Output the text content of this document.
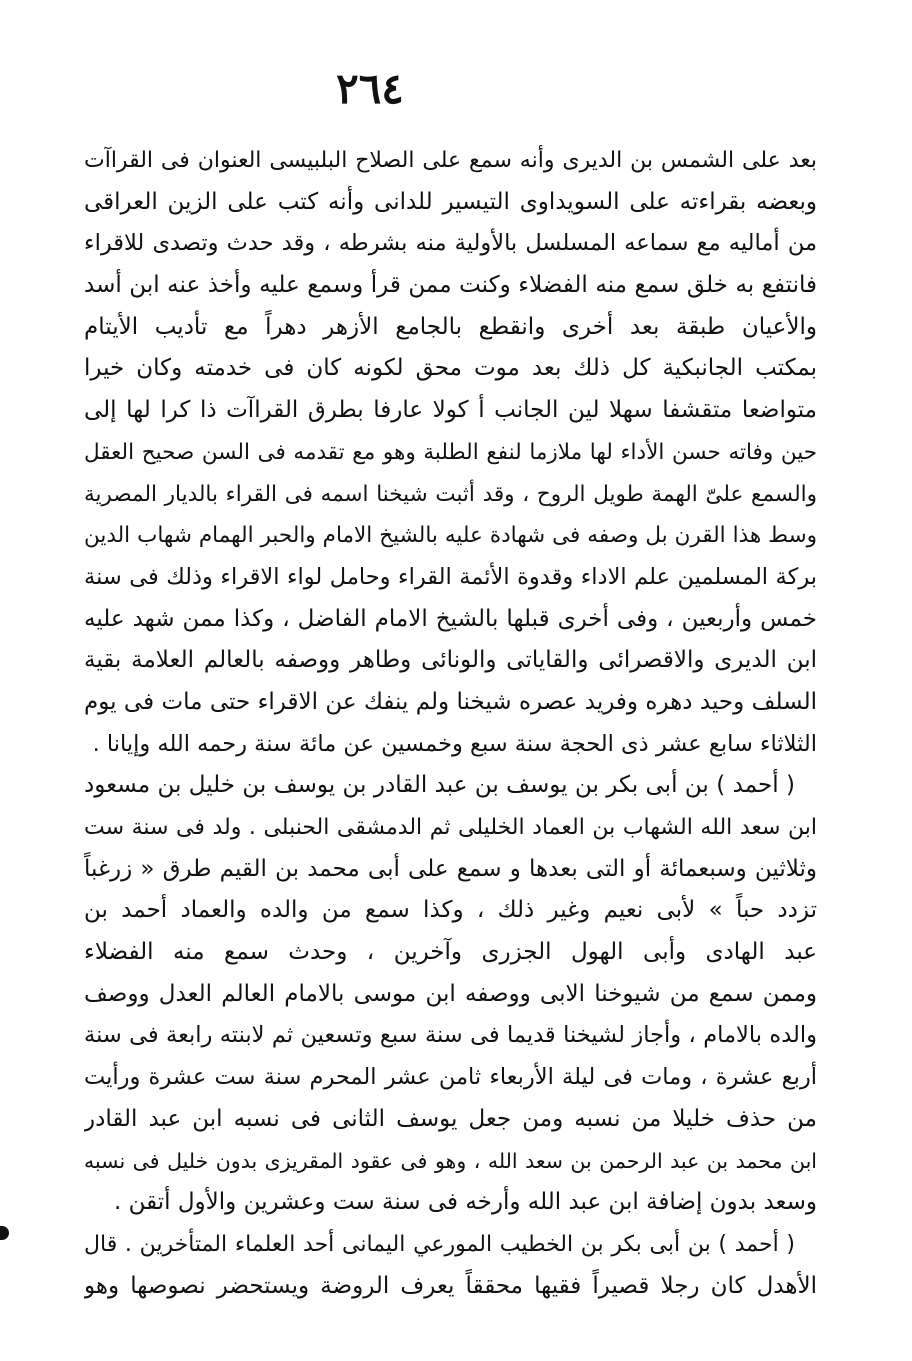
٢٦٤
بعد على الشمس بن الديرى وأنه سمع على الصلاح البلبيسى العنوان فى القراآت
وبعضه بقراءته على السويداوى التيسير للدانى وأنه كتب على الزين العراقى
من أماليه مع سماعه المسلسل بالأولية منه بشرطه ، وقد حدث وتصدى للاقراء
فانتفع به خلق سمع منه الفضلاء وكنت ممن قرأ وسمع عليه وأخذ عنه ابن أسد
والأعيان طبقة بعد أخرى وانقطع بالجامع الأزهر دهراً مع تأديب الأيتام
بمكتب الجانبكية كل ذلك بعد موت محق لكونه كان فى خدمته وكان خيرا
متواضعا متقشفا سهلا لين الجانب أ كولا عارفا بطرق القراآت ذا كرا لها إلى
حين وفاته حسن الأداء لها ملازما لنفع الطلبة وهو مع تقدمه فى السن صحيح العقل
والسمع علىّ الهمة طويل الروح ، وقد أثبت شيخنا اسمه فى القراء بالديار المصرية
وسط هذا القرن بل وصفه فى شهادة عليه بالشيخ الامام والحبر الهمام شهاب الدين
بركة المسلمين علم الاداء وقدوة الأئمة القراء وحامل لواء الاقراء وذلك فى سنة
خمس وأربعين ، وفى أخرى قبلها بالشيخ الامام الفاضل ، وكذا ممن شهد عليه
ابن الديرى والاقصرائى والقاياتى والونائى وطاهر ووصفه بالعالم العلامة بقية
السلف وحيد دهره وفريد عصره شيخنا ولم ينفك عن الاقراء حتى مات فى يوم
الثلاثاء سابع عشر ذى الحجة سنة سبع وخمسين عن مائة سنة رحمه الله وإيانا .
( أحمد ) بن أبى بكر بن يوسف بن عبد القادر بن يوسف بن خليل بن مسعود
ابن سعد الله الشهاب بن العماد الخليلى ثم الدمشقى الحنبلى . ولد فى سنة ست
وثلاثين وسبعمائة أو التى بعدها و سمع على أبى محمد بن القيم طرق « زرغباً
تزدد حباً » لأبى نعيم وغير ذلك ، وكذا سمع من والده والعماد أحمد بن
عبد الهادى وأبى الهول الجزرى وآخرين ، وحدث سمع منه الفضلاء
وممن سمع من شيوخنا الابى ووصفه ابن موسى بالامام العالم العدل ووصف
والده بالامام ، وأجاز لشيخنا قديما فى سنة سبع وتسعين ثم لابنته رابعة فى سنة
أربع عشرة ، ومات فى ليلة الأربعاء ثامن عشر المحرم سنة ست عشرة ورأيت
من حذف خليلا من نسبه ومن جعل يوسف الثانى فى نسبه ابن عبد القادر
ابن محمد بن عبد الرحمن بن سعد الله ، وهو فى عقود المقريزى بدون خليل فى نسبه
وسعد بدون إضافة ابن عبد الله وأرخه فى سنة ست وعشرين والأول أتقن .
( أحمد ) بن أبى بكر بن الخطيب المورعي اليمانى أحد العلماء المتأخرين . قال
الأهدل كان رجلا قصيراً فقيها محققاً يعرف الروضة ويستحضر نصوصها وهو
